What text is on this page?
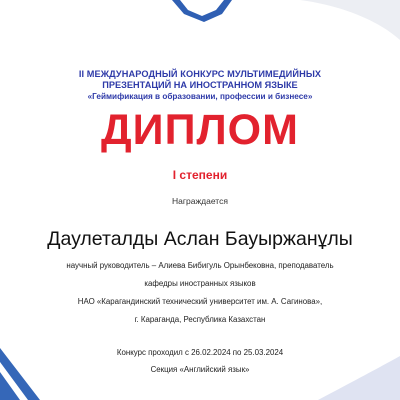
II МЕЖДУНАРОДНЫЙ КОНКУРС МУЛЬТИМЕДИЙНЫХ
ПРЕЗЕНТАЦИЙ НА ИНОСТРАННОМ ЯЗЫКЕ
«Геймификация в образовании, профессии и бизнесе»
ДИПЛОМ
I степени
Награждается
Даулеталды Аслан Бауыржанұлы
научный руководитель – Алиева Бибигуль Орынбековна, преподаватель
кафедры иностранных языков
НАО «Карагандинский технический университет им. А. Сагинова»,
г. Караганда, Республика Казахстан
Конкурс проходил с 26.02.2024 по 25.03.2024
Секция «Английский язык»
